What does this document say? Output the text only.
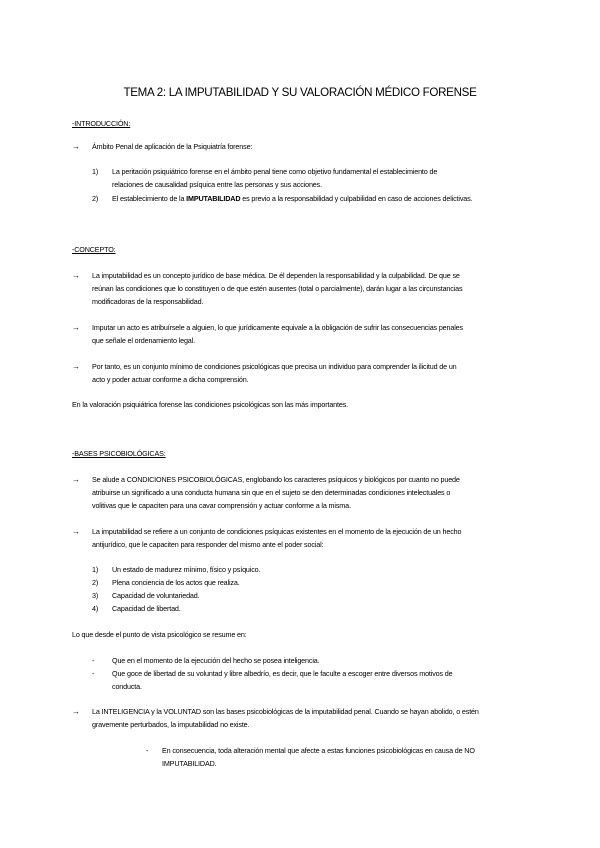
TEMA 2: LA IMPUTABILIDAD Y SU VALORACIÓN MÉDICO FORENSE
-INTRODUCCIÓN:
→ Ámbito Penal de aplicación de la Psiquiatría forense:
1) La peritación psiquiátrico forense en el ámbito penal tiene como objetivo fundamental el establecimiento de
relaciones de causalidad psíquica entre las personas y sus acciones.
2) El establecimiento de la IMPUTABILIDAD es previo a la responsabilidad y culpabilidad en caso de acciones delictivas.
-CONCEPTO:
→ La imputabilidad es un concepto jurídico de base médica. De él dependen la responsabilidad y la culpabilidad. De que se
reúnan las condiciones que lo constituyen o de que estén ausentes (total o parcialmente), darán lugar a las circunstancias
modificadoras de la responsabilidad.
→ Imputar un acto es atribuírsele a alguien, lo que jurídicamente equivale a la obligación de sufrir las consecuencias penales
que señale el ordenamiento legal.
→ Por tanto, es un conjunto mínimo de condiciones psicológicas que precisa un individuo para comprender la ilicitud de un
acto y poder actuar conforme a dicha comprensión.
En la valoración psiquiátrica forense las condiciones psicológicas son las más importantes.
-BASES PSICOBIOLÓGICAS:
→ Se alude a CONDICIONES PSICOBIOLÓGICAS, englobando los caracteres psíquicos y biológicos por cuanto no puede
atribuirse un significado a una conducta humana sin que en el sujeto se den determinadas condiciones intelectuales o
volitivas que le capaciten para una cavar comprensión y actuar conforme a la misma.
→ La imputabilidad se refiere a un conjunto de condiciones psíquicas existentes en el momento de la ejecución de un hecho
antijurídico, que le capaciten para responder del mismo ante el poder social:
1) Un estado de madurez mínimo, físico y psíquico.
2) Plena conciencia de los actos que realiza.
3) Capacidad de voluntariedad.
4) Capacidad de libertad.
Lo que desde el punto de vista psicológico se resume en:
- Que en el momento de la ejecución del hecho se posea inteligencia.
- Que goce de libertad de su voluntad y libre albedrío, es decir, que le faculte a escoger entre diversos motivos de
conducta.
→ La INTELIGENCIA y la VOLUNTAD son las bases psicobiológicas de la imputabilidad penal. Cuando se hayan abolido, o estén
gravemente perturbados, la imputabilidad no existe.
- En consecuencia, toda alteración mental que afecte a estas funciones psicobiológicas en causa de NO
IMPUTABILIDAD.
